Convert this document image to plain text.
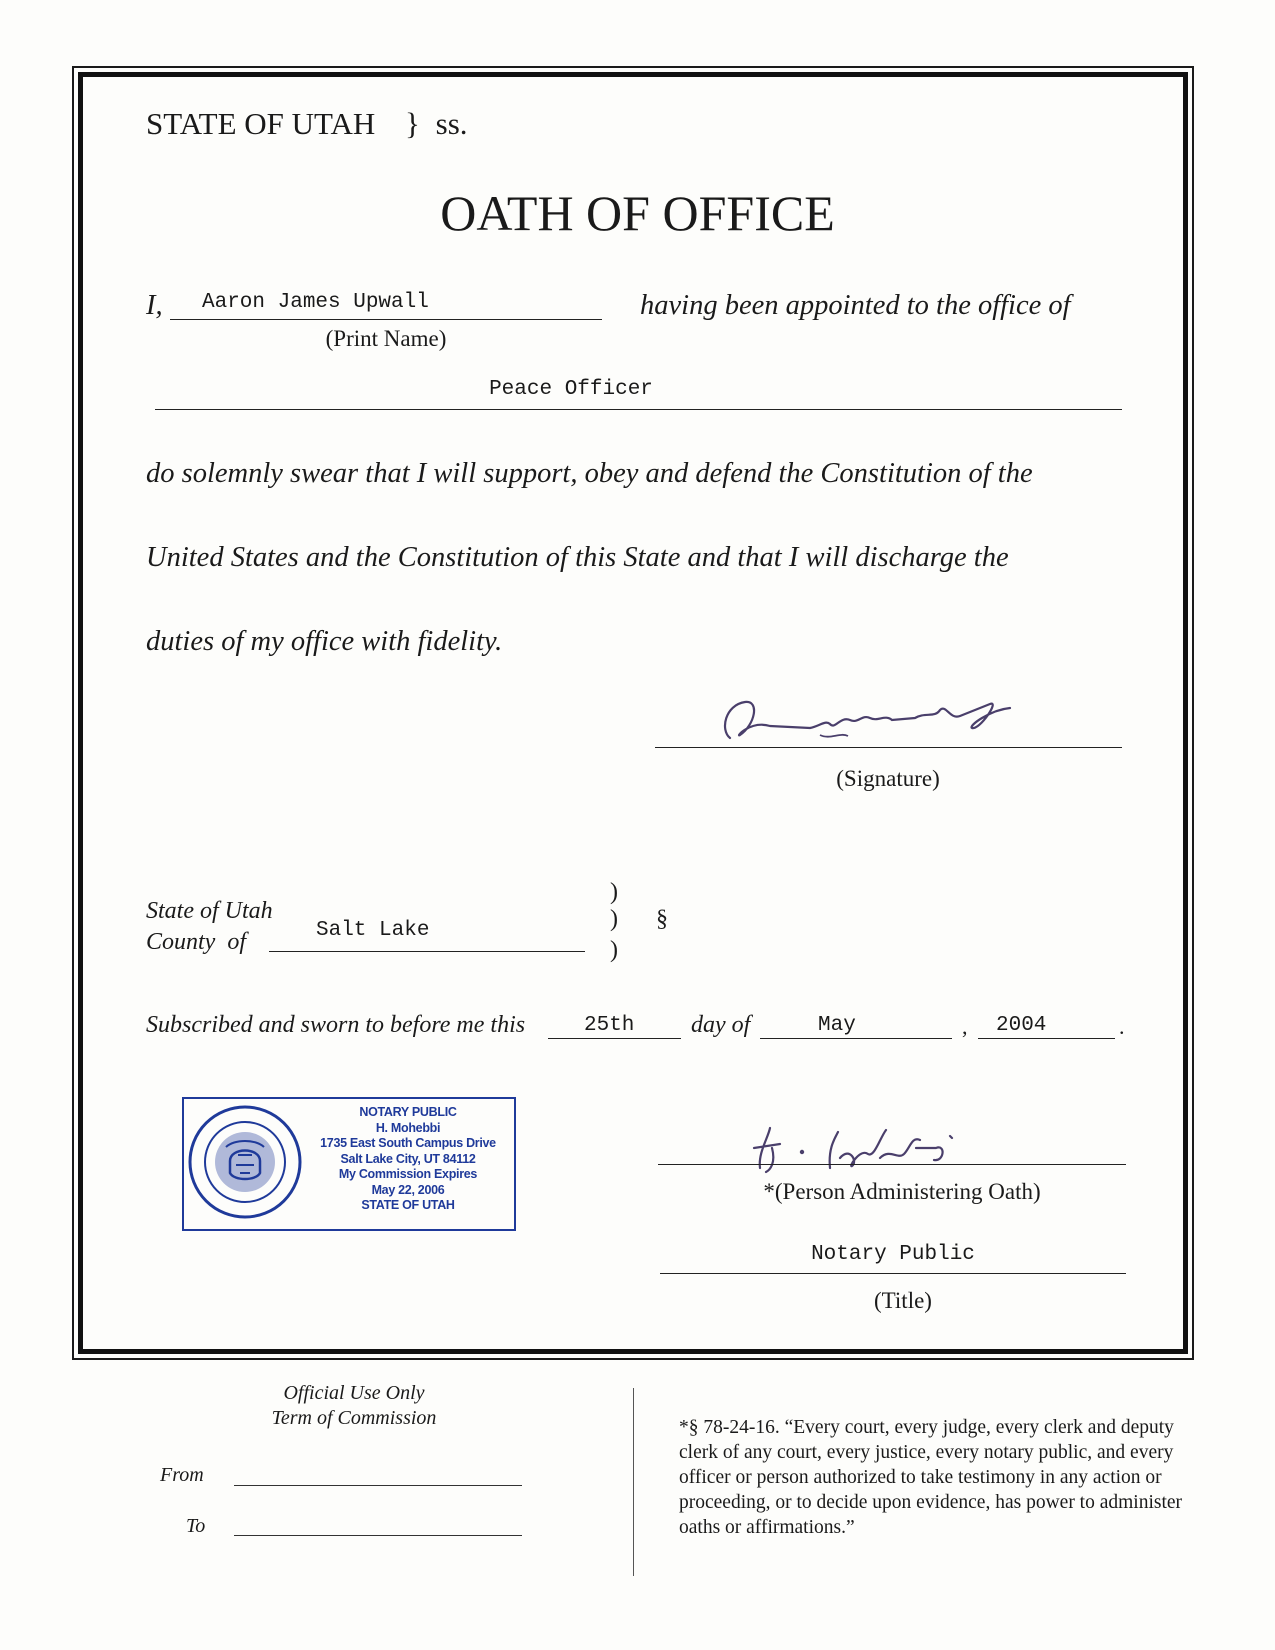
STATE OF UTAH } ss.
OATH OF OFFICE
I, Aaron James Upwall
(Print Name)
having been appointed to the office of
Peace Officer
do solemnly swear that I will support, obey and defend the Constitution of the
United States and the Constitution of this State and that I will discharge the
duties of my office with fidelity.
(Signature)
State of Utah
County of	Salt Lake
)
)
)
§
Subscribed and sworn to before me this	25th day of	May	, 2004	.
NOTARY PUBLIC
H. Mohebbi
1735 East South Campus Drive
Salt Lake City, UT 84112
My Commission Expires
May 22, 2006
STATE OF UTAH
*(Person Administering Oath)
Notary Public
(Title)
Official Use Only
Term of Commission
From
To
*§ 78-24-16. “Every court, every judge, every clerk and deputy clerk of any court, every justice, every notary public, and every officer or person authorized to take testimony in any action or proceeding, or to decide upon evidence, has power to administer oaths or affirmations.”
